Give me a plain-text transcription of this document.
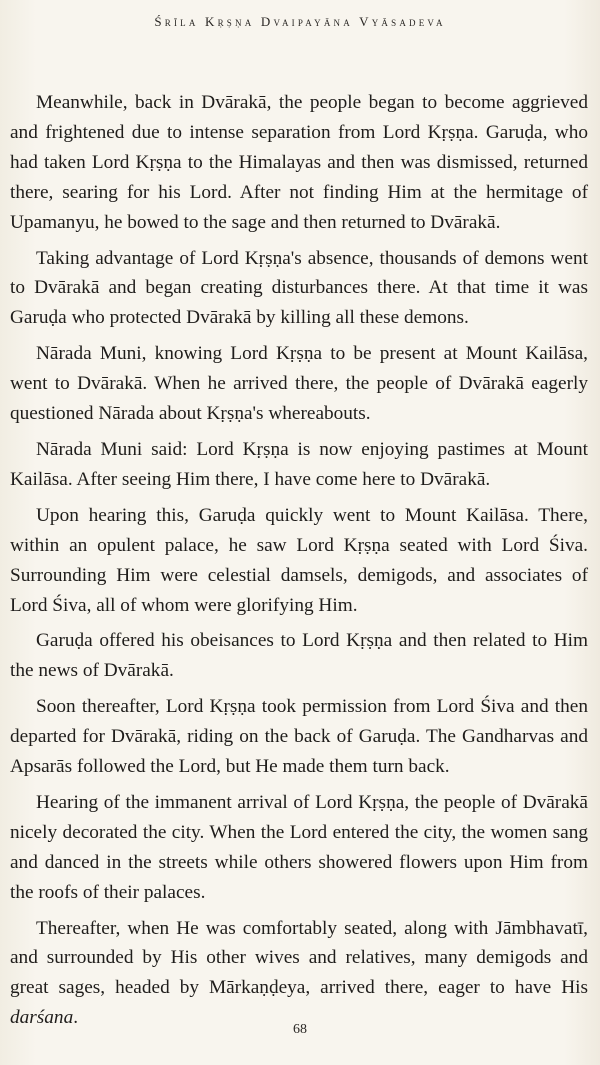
Śrīla Kṛṣṇa Dvaipayāna Vyāsadeva

Meanwhile, back in Dvārakā, the people began to become aggrieved and frightened due to intense separation from Lord Kṛṣṇa. Garuḍa, who had taken Lord Kṛṣṇa to the Himalayas and then was dismissed, returned there, searing for his Lord. After not finding Him at the hermitage of Upamanyu, he bowed to the sage and then returned to Dvārakā.

Taking advantage of Lord Kṛṣṇa's absence, thousands of demons went to Dvārakā and began creating disturbances there. At that time it was Garuḍa who protected Dvārakā by killing all these demons.

Nārada Muni, knowing Lord Kṛṣṇa to be present at Mount Kailāsa, went to Dvārakā. When he arrived there, the people of Dvārakā eagerly questioned Nārada about Kṛṣṇa's whereabouts.

Nārada Muni said: Lord Kṛṣṇa is now enjoying pastimes at Mount Kailāsa. After seeing Him there, I have come here to Dvārakā.

Upon hearing this, Garuḍa quickly went to Mount Kailāsa. There, within an opulent palace, he saw Lord Kṛṣṇa seated with Lord Śiva. Surrounding Him were celestial damsels, demigods, and associates of Lord Śiva, all of whom were glorifying Him.

Garuḍa offered his obeisances to Lord Kṛṣṇa and then related to Him the news of Dvārakā.

Soon thereafter, Lord Kṛṣṇa took permission from Lord Śiva and then departed for Dvārakā, riding on the back of Garuḍa. The Gandharvas and Apsarās followed the Lord, but He made them turn back.

Hearing of the immanent arrival of Lord Kṛṣṇa, the people of Dvārakā nicely decorated the city. When the Lord entered the city, the women sang and danced in the streets while others showered flowers upon Him from the roofs of their palaces.

Thereafter, when He was comfortably seated, along with Jāmbhavatī, and surrounded by His other wives and relatives, many demigods and great sages, headed by Mārkaṇḍeya, arrived there, eager to have His darśana.

68
